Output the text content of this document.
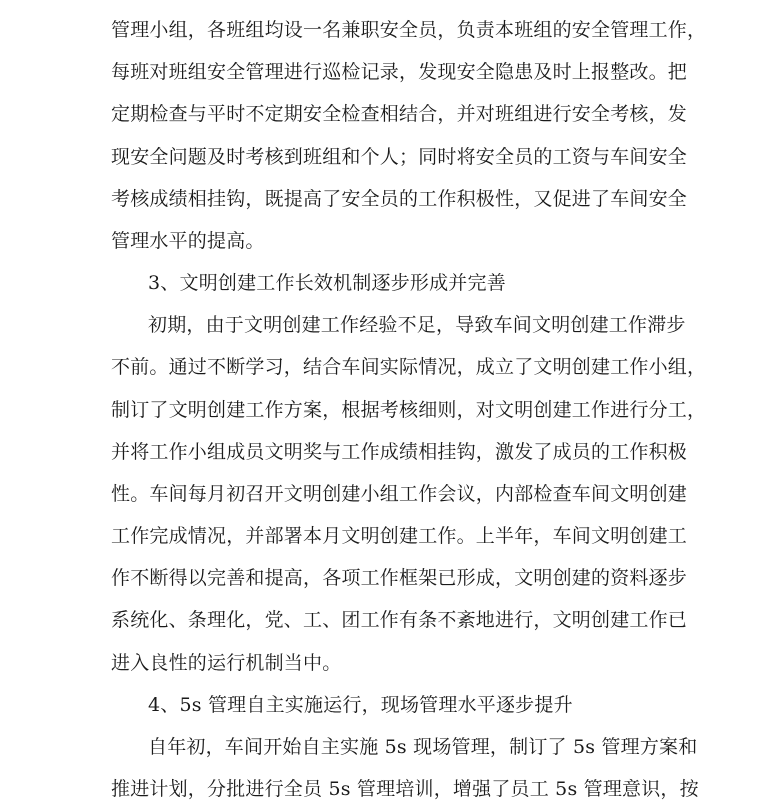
管理小组，各班组均设一名兼职安全员，负责本班组的安全管理工作，
每班对班组安全管理进行巡检记录，发现安全隐患及时上报整改。把
定期检查与平时不定期安全检查相结合，并对班组进行安全考核，发
现安全问题及时考核到班组和个人；同时将安全员的工资与车间安全
考核成绩相挂钩，既提高了安全员的工作积极性，又促进了车间安全
管理水平的提高。
3、文明创建工作长效机制逐步形成并完善
初期，由于文明创建工作经验不足，导致车间文明创建工作滞步
不前。通过不断学习，结合车间实际情况，成立了文明创建工作小组，
制订了文明创建工作方案，根据考核细则，对文明创建工作进行分工，
并将工作小组成员文明奖与工作成绩相挂钩，激发了成员的工作积极
性。车间每月初召开文明创建小组工作会议，内部检查车间文明创建
工作完成情况，并部署本月文明创建工作。上半年，车间文明创建工
作不断得以完善和提高，各项工作框架已形成，文明创建的资料逐步
系统化、条理化，党、工、团工作有条不紊地进行，文明创建工作已
进入良性的运行机制当中。
4、5s 管理自主实施运行，现场管理水平逐步提升
自年初，车间开始自主实施 5s 现场管理，制订了 5s 管理方案和
推进计划，分批进行全员 5s 管理培训，增强了员工 5s 管理意识，按
